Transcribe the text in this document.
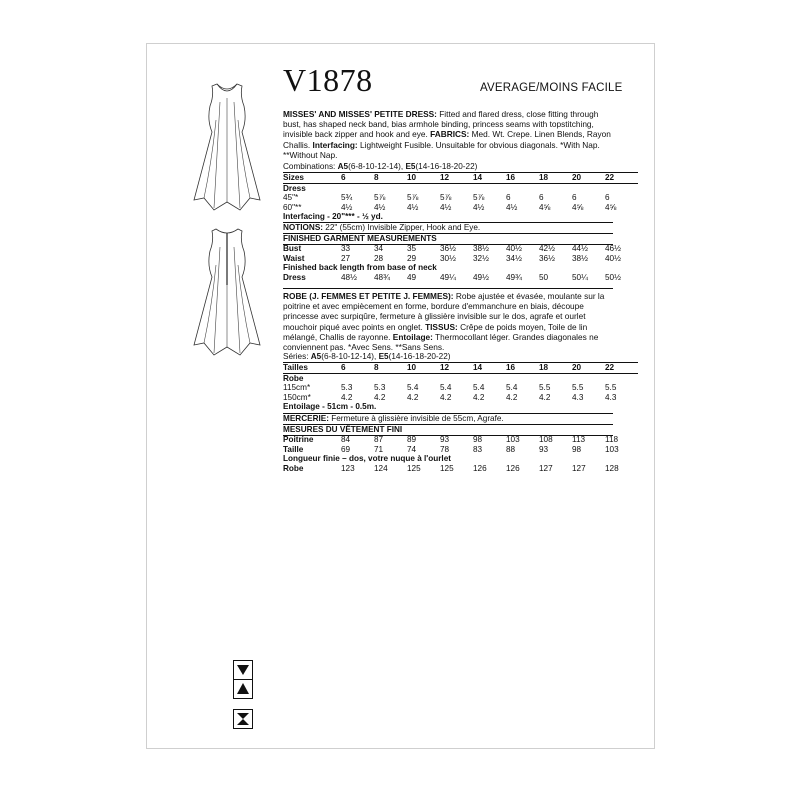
V1878	AVERAGE/MOINS FACILE
MISSES' AND MISSES' PETITE DRESS: Fitted and flared dress, close fitting through bust, has shaped neck band, bias armhole binding, princess seams with topstitching, invisible back zipper and hook and eye. FABRICS: Med. Wt. Crepe. Linen Blends, Rayon Challis. Interfacing: Lightweight Fusible. Unsuitable for obvious diagonals. *With Nap. **Without Nap.
Combinations: A5(6-8-10-12-14), E5(14-16-18-20-22)
Sizes	6	8	10	12	14	16	18	20	22
Dress									
45"*	5¾	5⅞	5⅞	5⅞	5⅞	6	6	6	6
60"**	4½	4½	4½	4½	4½	4½	4⅝	4⅝	4⅝
Interfacing - 20"*** - ½ yd.									
NOTIONS: 22" (55cm) Invisible Zipper, Hook and Eye.
FINISHED GARMENT MEASUREMENTS
Bust	33	34	35	36½	38½	40½	42½	44½	46½
Waist	27	28	29	30½	32½	34½	36½	38½	40½
Finished back length from base of neck									
Dress	48½	48¾	49	49¼	49½	49¾	50	50¼	50½
ROBE (J. FEMMES ET PETITE J. FEMMES): Robe ajustée et évasée, moulante sur la poitrine et avec empiècement en forme, bordure d'emmanchure en biais, découpe princesse avec surpiqûre, fermeture à glissière invisible sur le dos, agrafe et ourlet mouchoir piqué avec points en onglet. TISSUS: Crêpe de poids moyen, Toile de lin mélangé, Challis de rayonne. Entoilage: Thermocollant léger. Grandes diagonales ne conviennent pas. *Avec Sens. **Sans Sens.
Séries: A5(6-8-10-12-14), E5(14-16-18-20-22)
Tailles	6	8	10	12	14	16	18	20	22
Robe									
115cm*	5.3	5.3	5.4	5.4	5.4	5.4	5.5	5.5	5.5
150cm*	4.2	4.2	4.2	4.2	4.2	4.2	4.2	4.3	4.3
Entoilage - 51cm - 0.5m.									
MERCERIE: Fermeture à glissière invisible de 55cm, Agrafe.
MESURES DU VÊTEMENT FINI
Poitrine	84	87	89	93	98	103	108	113	118
Taille	69	71	74	78	83	88	93	98	103
Longueur finie – dos, votre nuque à l'ourlet									
Robe	123	124	125	125	126	126	127	127	128
